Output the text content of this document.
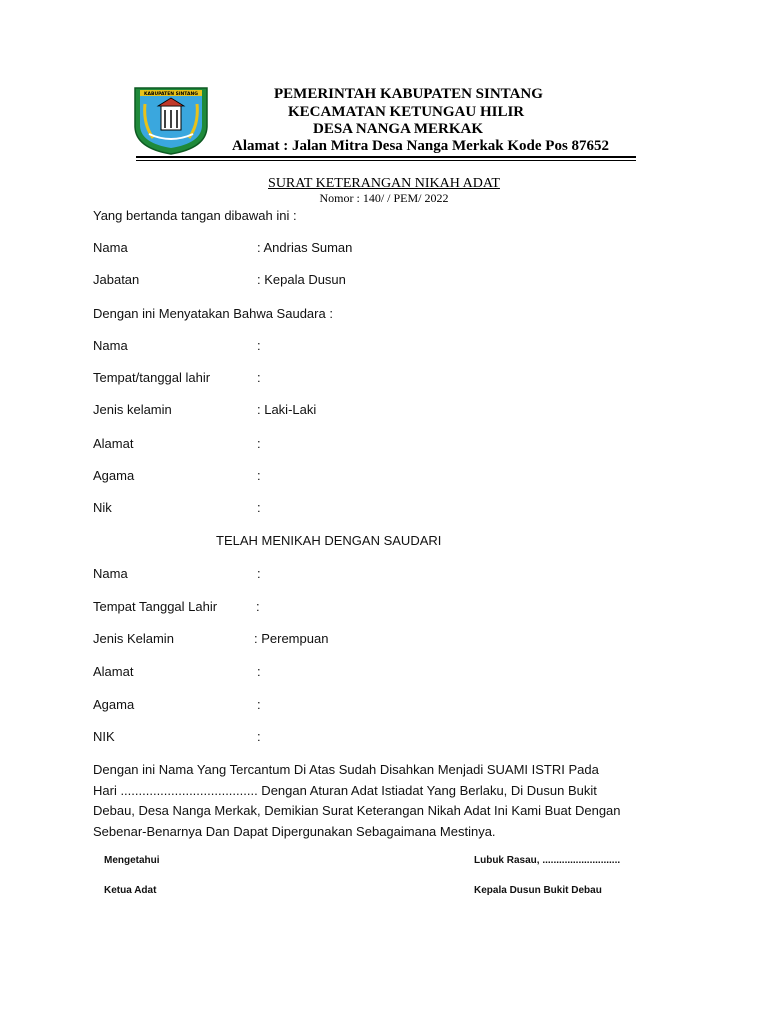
KABUPATEN SINTANG	PEMERINTAH KABUPATEN SINTANG
KECAMATAN KETUNGAU HILIR
DESA NANGA MERKAK
Alamat : Jalan Mitra Desa Nanga Merkak Kode Pos 87652
SURAT KETERANGAN NIKAH ADAT
Nomor : 140/ / PEM/ 2022
Yang bertanda tangan dibawah ini :
Nama	: Andrias Suman
Jabatan	: Kepala Dusun
Dengan ini Menyatakan Bahwa Saudara :
Nama	:
Tempat/tanggal lahir	:
Jenis kelamin	: Laki-Laki
Alamat	:
Agama	:
Nik	:
TELAH MENIKAH DENGAN SAUDARI
Nama	:
Tempat Tanggal Lahir	:
Jenis Kelamin	: Perempuan
Alamat	:
Agama	:
NIK	:
Dengan ini Nama Yang Tercantum Di Atas Sudah Disahkan Menjadi SUAMI ISTRI Pada
Hari ...................................... Dengan Aturan Adat Istiadat Yang Berlaku, Di Dusun Bukit
Debau, Desa Nanga Merkak, Demikian Surat Keterangan Nikah Adat Ini Kami Buat Dengan
Sebenar-Benarnya Dan Dapat Dipergunakan Sebagaimana Mestinya.
Mengetahui
Ketua Adat
Lubuk Rasau, ............................
Kepala Dusun Bukit Debau
